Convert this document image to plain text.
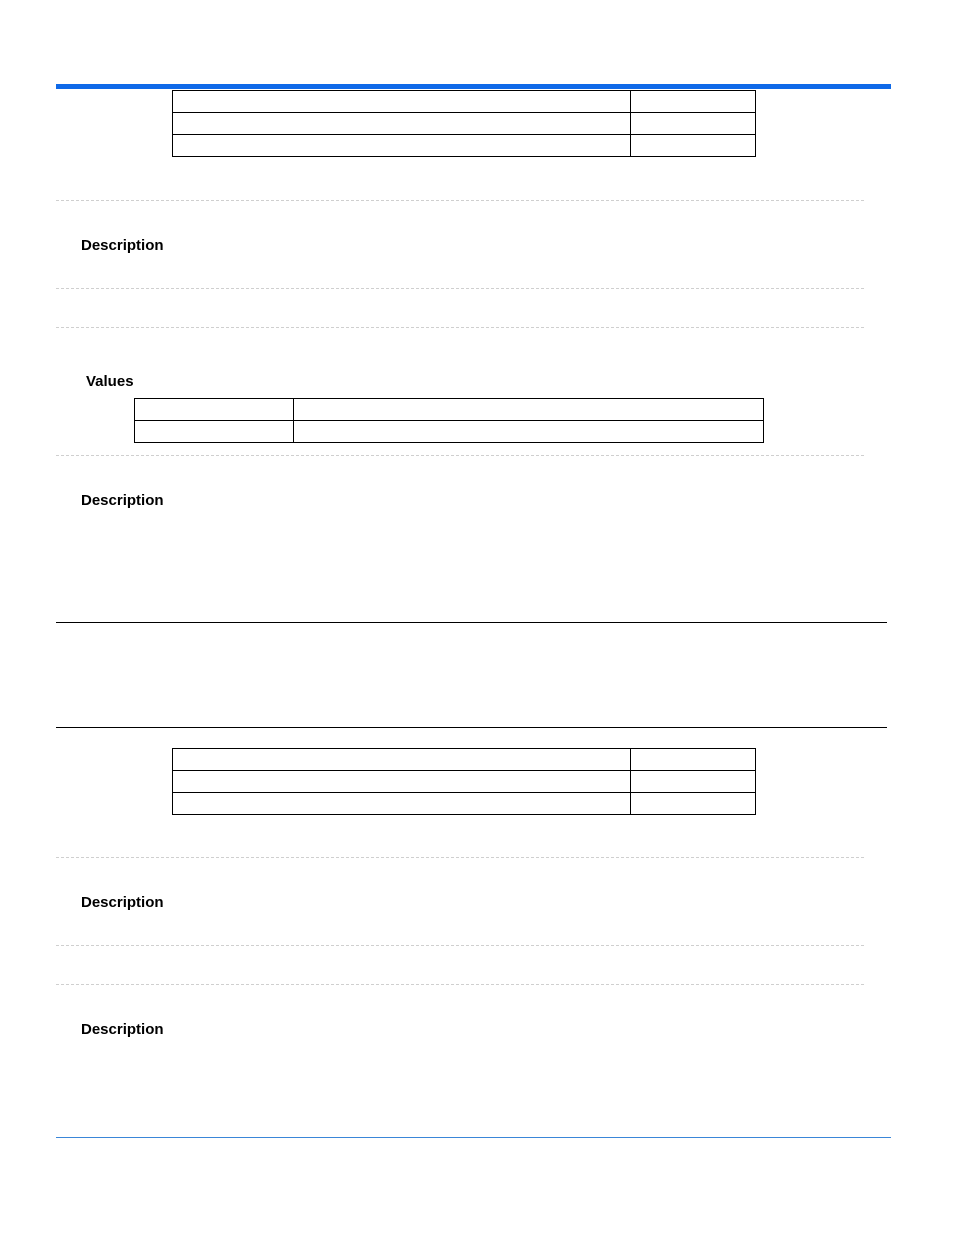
Description
Values

Description

Description
Description
